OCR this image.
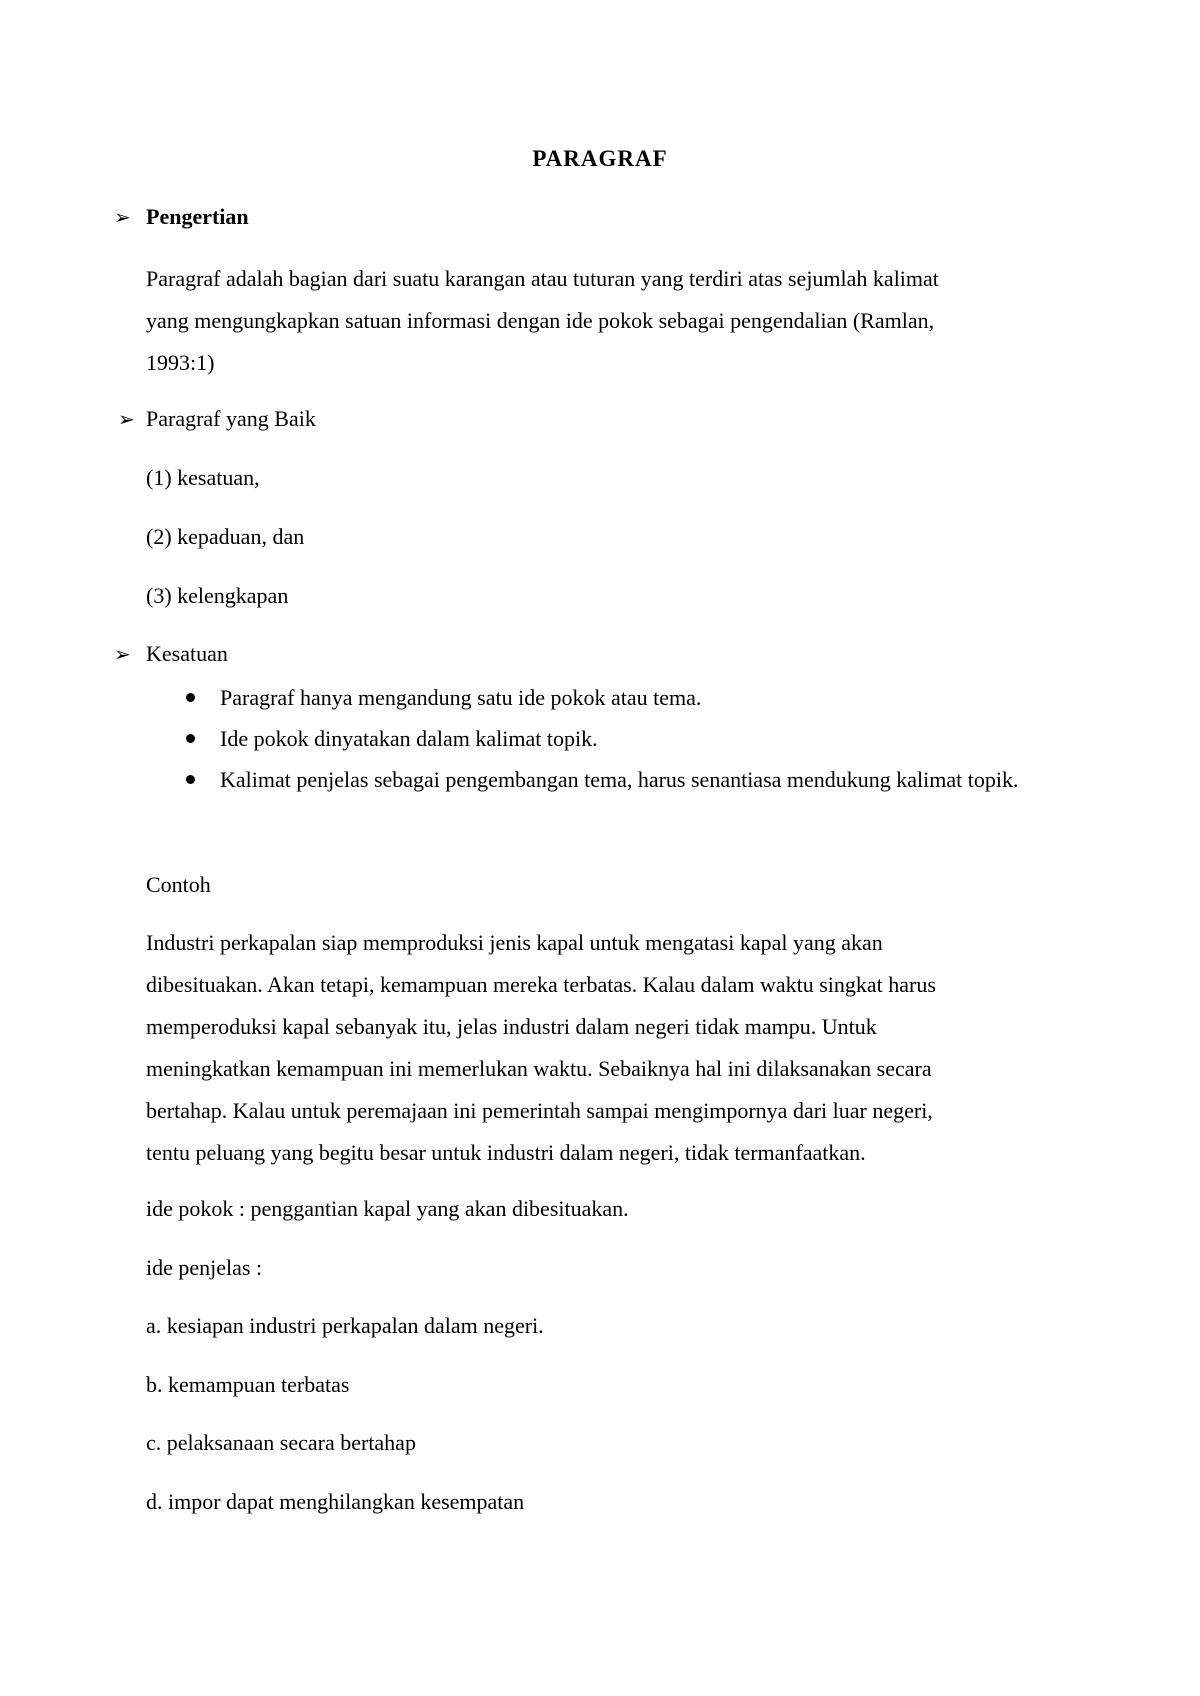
PARAGRAF
➢ Pengertian
Paragraf adalah bagian dari suatu karangan atau tuturan yang terdiri atas sejumlah kalimat
yang mengungkapkan satuan informasi dengan ide pokok sebagai pengendalian (Ramlan,
1993:1)
➢ Paragraf yang Baik
(1) kesatuan,
(2) kepaduan, dan
(3) kelengkapan
➢ Kesatuan
Paragraf hanya mengandung satu ide pokok atau tema.
Ide pokok dinyatakan dalam kalimat topik.
Kalimat penjelas sebagai pengembangan tema, harus senantiasa mendukung kalimat topik.
Contoh
Industri perkapalan siap memproduksi jenis kapal untuk mengatasi kapal yang akan
dibesituakan. Akan tetapi, kemampuan mereka terbatas. Kalau dalam waktu singkat harus
memperoduksi kapal sebanyak itu, jelas industri dalam negeri tidak mampu. Untuk
meningkatkan kemampuan ini memerlukan waktu. Sebaiknya hal ini dilaksanakan secara
bertahap. Kalau untuk peremajaan ini pemerintah sampai mengimpornya dari luar negeri,
tentu peluang yang begitu besar untuk industri dalam negeri, tidak termanfaatkan.
ide pokok : penggantian kapal yang akan dibesituakan.
ide penjelas :
a. kesiapan industri perkapalan dalam negeri.
b. kemampuan terbatas
c. pelaksanaan secara bertahap
d. impor dapat menghilangkan kesempatan
